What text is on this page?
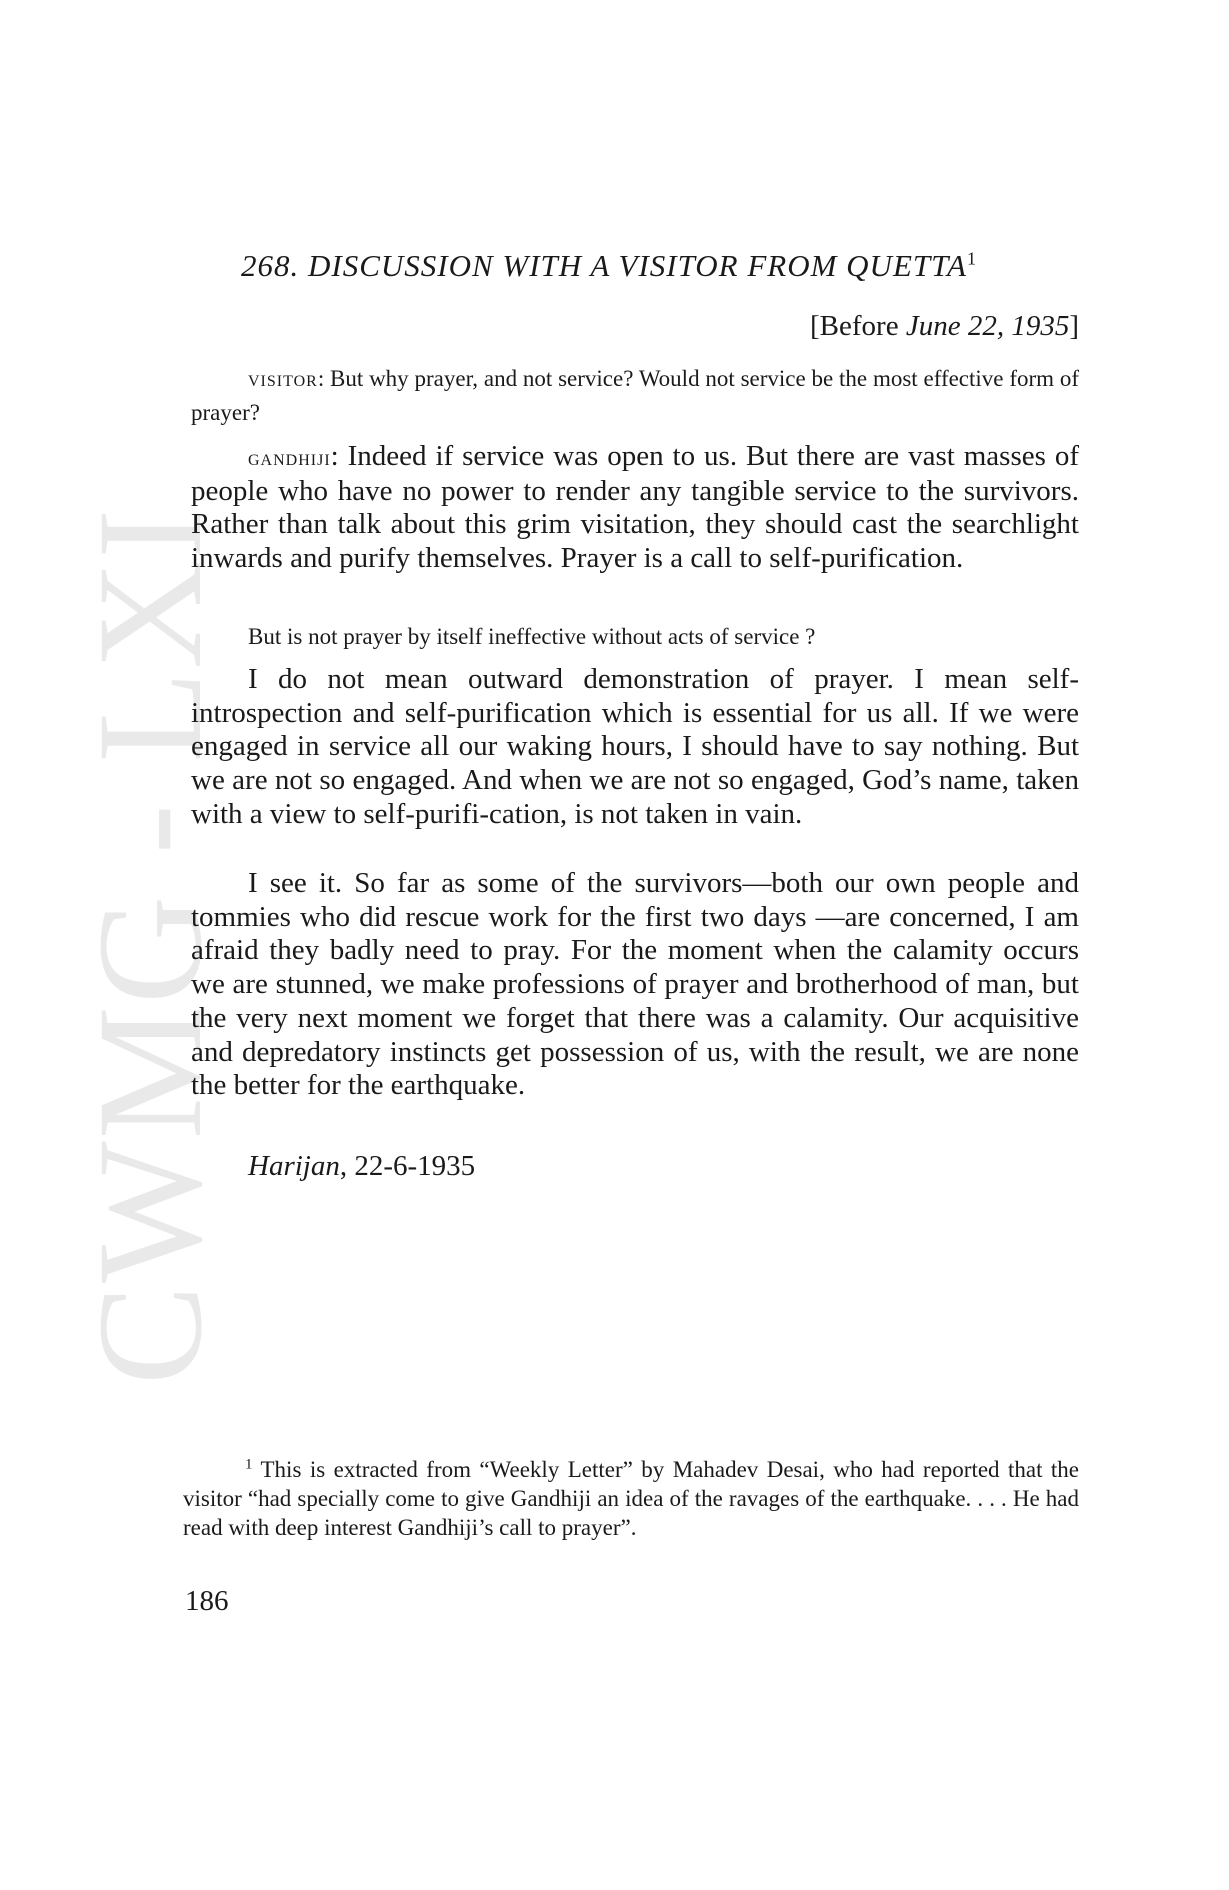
CWMG - LXI
268. DISCUSSION WITH A VISITOR FROM QUETTA$^1$
[Before June 22, 1935]

visitor: But why prayer, and not service? Would not service be the most effective form of prayer?

gandhiji: Indeed if service was open to us. But there are vast masses of people who have no power to render any tangible service to the survivors. Rather than talk about this grim visitation, they should cast the searchlight inwards and purify themselves. Prayer is a call to self-purification.

But is not prayer by itself ineffective without acts of service ?

I do not mean outward demonstration of prayer. I mean self-introspection and self-purification which is essential for us all. If we were engaged in service all our waking hours, I should have to say nothing. But we are not so engaged. And when we are not so engaged, God’s name, taken with a view to self-purifi-cation, is not taken in vain.

I see it. So far as some of the survivors—both our own people and tommies who did rescue work for the first two days —are concerned, I am afraid they badly need to pray. For the moment when the calamity occurs we are stunned, we make professions of prayer and brotherhood of man, but the very next moment we forget that there was a calamity. Our acquisitive and depredatory instincts get possession of us, with the result, we are none the better for the earthquake.

Harijan, 22-6-1935

$^1$ This is extracted from “Weekly Letter” by Mahadev Desai, who had reported that the visitor “had specially come to give Gandhiji an idea of the ravages of the earthquake. . . . He had read with deep interest Gandhiji’s call to prayer”.

186
